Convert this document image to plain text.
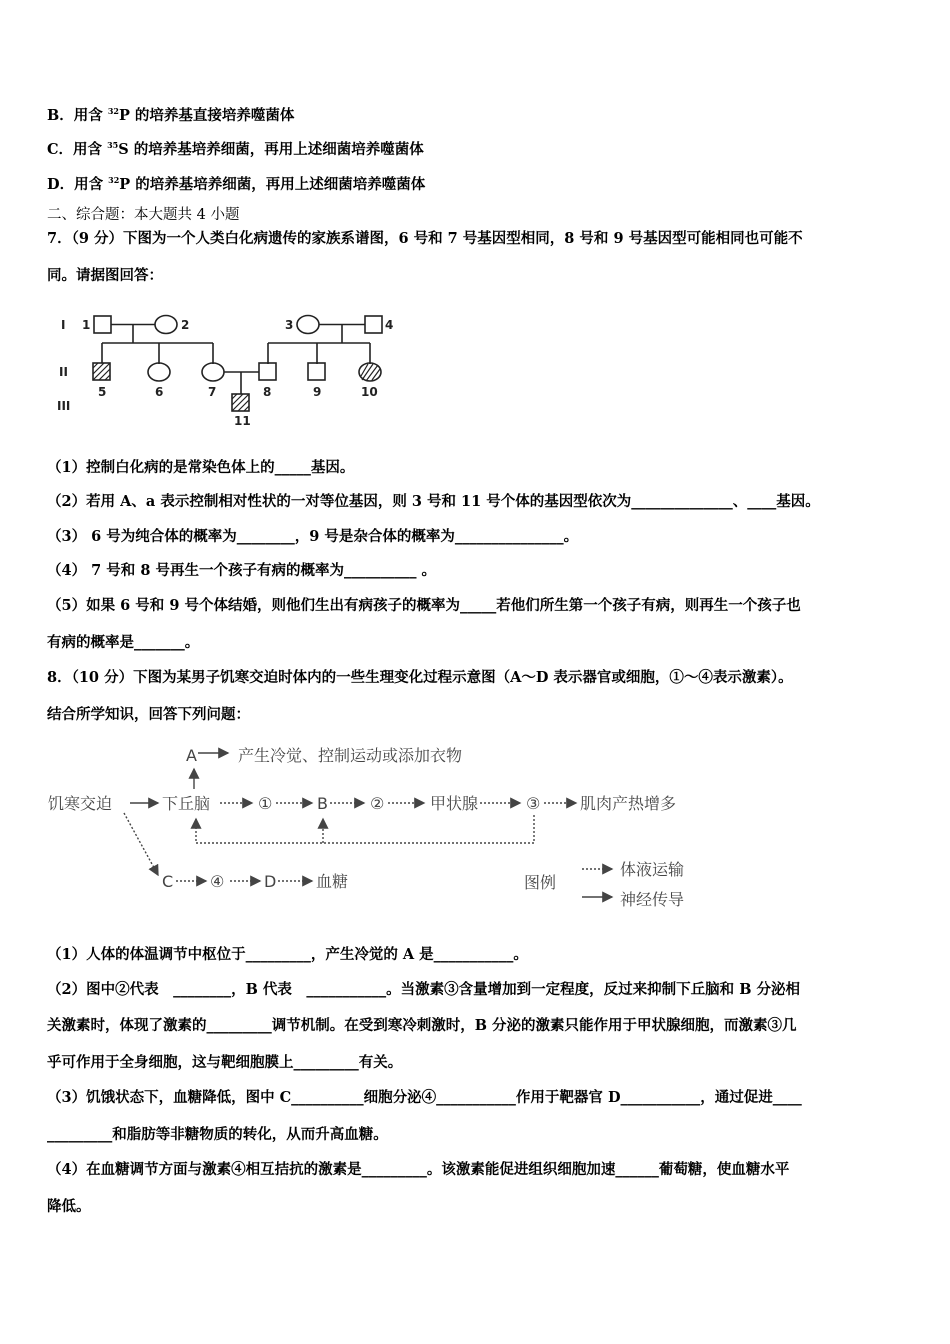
B．用含 $^{32}$P 的培养基直接培养噬菌体
C．用含 $^{35}$S 的培养基培养细菌，再用上述细菌培养噬菌体
D．用含 $^{32}$P 的培养基培养细菌，再用上述细菌培养噬菌体
二、综合题：本大题共 4 小题
7．（9 分）下图为一个人类白化病遗传的家族系谱图，6 号和 7 号基因型相同，8 号和 9 号基因型可能相同也可能不
同。请据图回答：
I
II
III
1	2	3	4
5	6	7	8	9	10
11
（1）控制白化病的是常染色体上的_____基因。
（2）若用 A、a 表示控制相对性状的一对等位基因，则 3 号和 11 号个体的基因型依次为______________、____基因。
（3） 6 号为纯合体的概率为________，9 号是杂合体的概率为_______________。
（4） 7 号和 8 号再生一个孩子有病的概率为__________ 。
（5）如果 6 号和 9 号个体结婚，则他们生出有病孩子的概率为_____若他们所生第一个孩子有病，则再生一个孩子也
有病的概率是_______。
8．（10 分）下图为某男子饥寒交迫时体内的一些生理变化过程示意图（A～D 表示器官或细胞，①～④表示激素）。
结合所学知识，回答下列问题：
A	产生冷觉、控制运动或添加衣物
饥寒交迫	下丘脑	①	B	②	甲状腺	③ 肌肉产热增多
C ④ D 血糖	图例
体液运输
神经传导
（1）人体的体温调节中枢位于_________，产生冷觉的 A 是___________。
（2）图中②代表　________，B 代表　___________。当激素③含量增加到一定程度，反过来抑制下丘脑和 B 分泌相
关激素时，体现了激素的_________调节机制。在受到寒冷刺激时，B 分泌的激素只能作用于甲状腺细胞，而激素③几
乎可作用于全身细胞，这与靶细胞膜上_________有关。
（3）饥饿状态下，血糖降低，图中 C__________细胞分泌④___________作用于靶器官 D___________，通过促进____
_________和脂肪等非糖物质的转化，从而升高血糖。
（4）在血糖调节方面与激素④相互拮抗的激素是_________。该激素能促进组织细胞加速______葡萄糖，使血糖水平
降低。
